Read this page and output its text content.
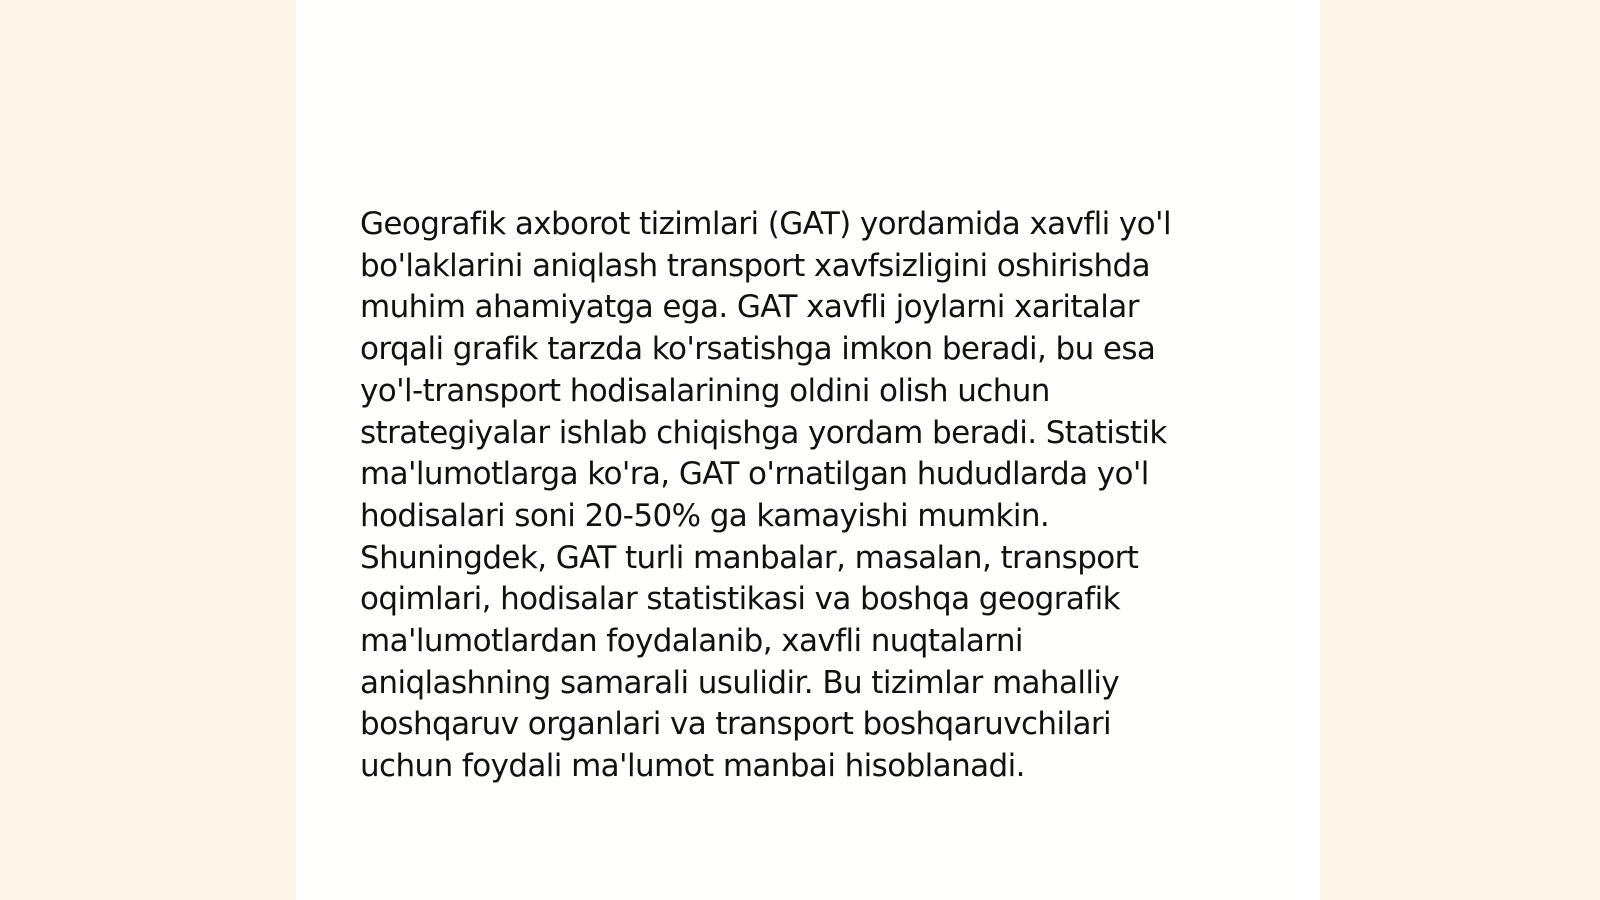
Geografik axborot tizimlari (GAT) yordamida xavfli yo'l
bo'laklarini aniqlash transport xavfsizligini oshirishda
muhim ahamiyatga ega. GAT xavfli joylarni xaritalar
orqali grafik tarzda ko'rsatishga imkon beradi, bu esa
yo'l-transport hodisalarining oldini olish uchun
strategiyalar ishlab chiqishga yordam beradi. Statistik
ma'lumotlarga ko'ra, GAT o'rnatilgan hududlarda yo'l
hodisalari soni 20-50% ga kamayishi mumkin.
Shuningdek, GAT turli manbalar, masalan, transport
oqimlari, hodisalar statistikasi va boshqa geografik
ma'lumotlardan foydalanib, xavfli nuqtalarni
aniqlashning samarali usulidir. Bu tizimlar mahalliy
boshqaruv organlari va transport boshqaruvchilari
uchun foydali ma'lumot manbai hisoblanadi.
